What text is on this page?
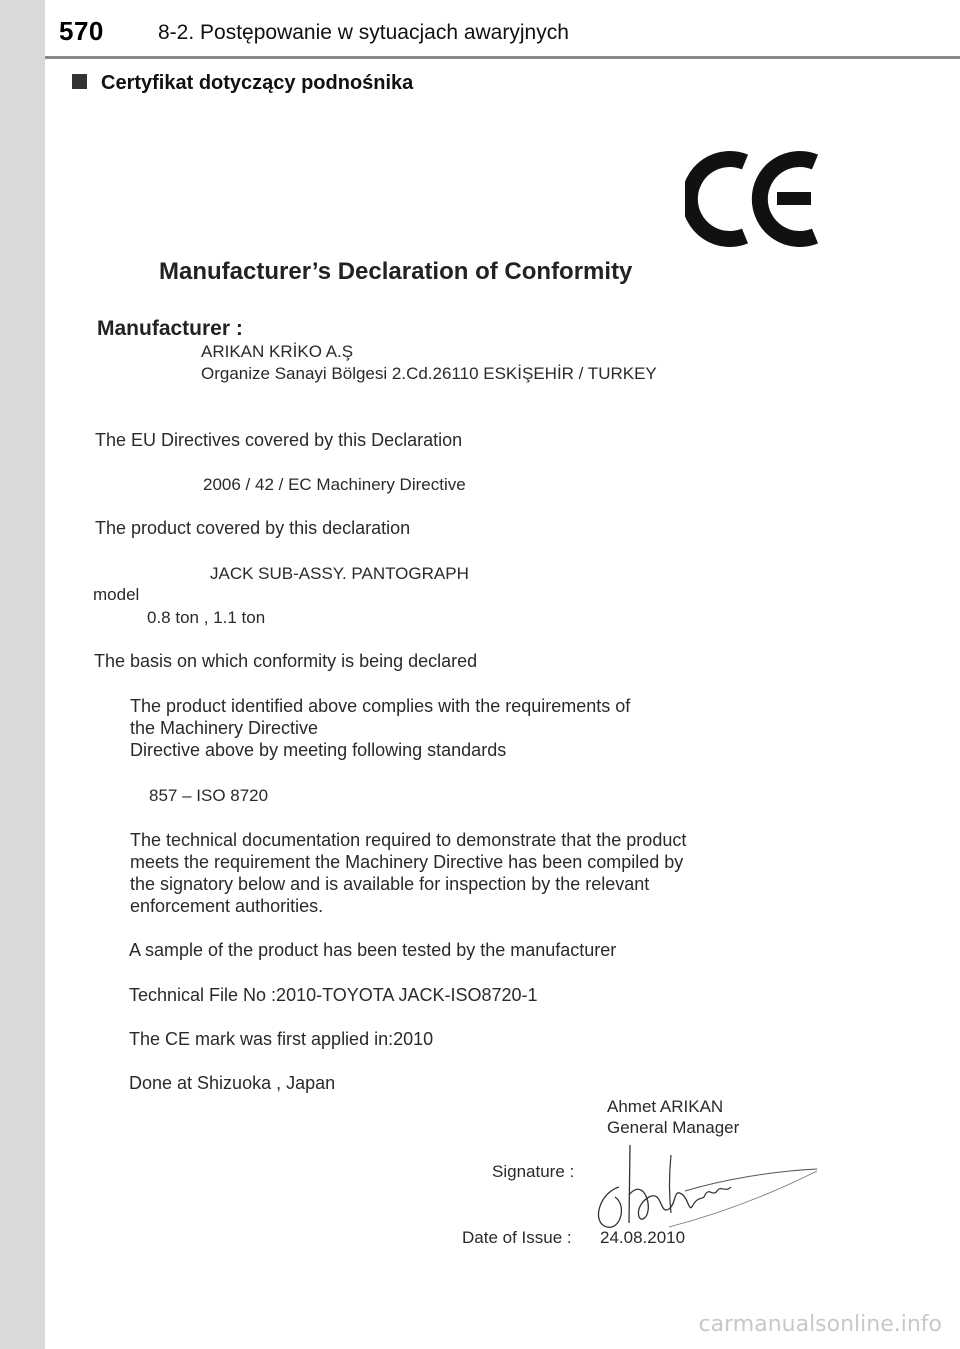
570	8-2. Postępowanie w sytuacjach awaryjnych
Certyfikat dotyczący podnośnika
Manufacturer’s Declaration of Conformity
Manufacturer :
ARIKAN KRİKO A.Ş
Organize Sanayi Bölgesi 2.Cd.26110 ESKİŞEHİR / TURKEY
The EU Directives covered by this Declaration
2006 / 42 / EC Machinery Directive
The product covered by this declaration
JACK SUB-ASSY. PANTOGRAPH
model
0.8 ton , 1.1 ton
The basis on which conformity is being declared
The product identified above complies with the requirements of
the Machinery Directive
Directive above by meeting following standards
857 – ISO 8720
The technical documentation required to demonstrate that the product
meets the requirement the Machinery Directive has been compiled by
the signatory below and is available for inspection by the relevant
enforcement authorities.
A sample of the product has been tested by the manufacturer
Technical File No :2010-TOYOTA JACK-ISO8720-1
The CE mark was first applied in:2010
Done at Shizuoka , Japan
Ahmet ARIKAN
General Manager
Signature :
Date of Issue : 24.08.2010
carmanualsonline.info
